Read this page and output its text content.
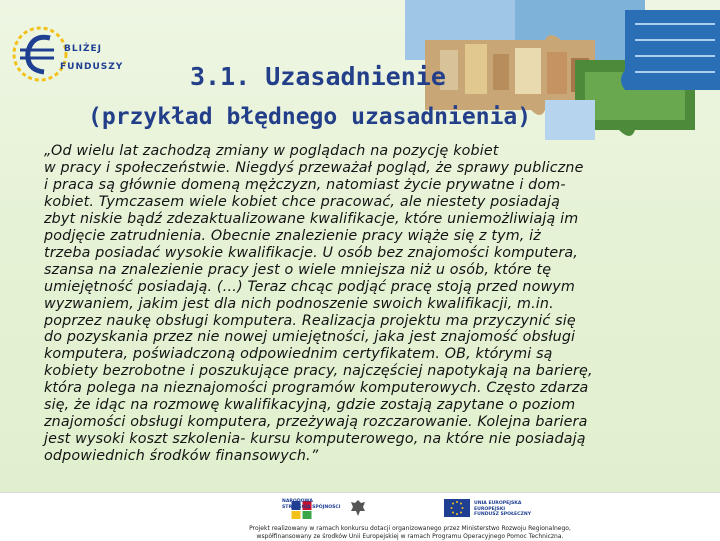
BLIŻEJ
FUNDUSZY	3.1. Uzasadnienie
(przykład błędnego uzasadnienia)

„Od wielu lat zachodzą zmiany w poglądach na pozycję kobiet
w pracy i społeczeństwie. Niegdyś przeważał pogląd, że sprawy publiczne
i praca są głównie domeną mężczyzn, natomiast życie prywatne i dom-
kobiet. Tymczasem wiele kobiet chce pracować, ale niestety posiadają
zbyt niskie bądź zdezaktualizowane kwalifikacje, które uniemożliwiają im
podjęcie zatrudnienia. Obecnie znalezienie pracy wiąże się z tym, iż
trzeba posiadać wysokie kwalifikacje. U osób bez znajomości komputera,
szansa na znalezienie pracy jest o wiele mniejsza niż u osób, które tę
umiejętność posiadają. (…) Teraz chcąc podjąć pracę stoją przed nowym
wyzwaniem, jakim jest dla nich podnoszenie swoich kwalifikacji, m.in.
poprzez naukę obsługi komputera. Realizacja projektu ma przyczynić się
do pozyskania przez nie nowej umiejętności, jaka jest znajomość obsługi
komputera, poświadczoną odpowiednim certyfikatem. OB, którymi są
kobiety bezrobotne i poszukujące pracy, najczęściej napotykają na barierę,
która polega na nieznajomości programów komputerowych. Często zdarza
się, że idąc na rozmowę kwalifikacyjną, gdzie zostają zapytane o poziom
znajomości obsługi komputera, przeżywają rozczarowanie. Kolejna bariera
jest wysoki koszt szkolenia- kursu komputerowego, na które nie posiadają
odpowiednich środków finansowych.”

NARODOWA
STRATEGIA SPÓJNOŚCI
UNIA EUROPEJSKA
EUROPEJSKI
FUNDUSZ SPOŁECZNY
Projekt realizowany w ramach konkursu dotacji organizowanego przez Ministerstwo Rozwoju Regionalnego,
współfinansowany ze środków Unii Europejskiej w ramach Programu Operacyjnego Pomoc Techniczna.
